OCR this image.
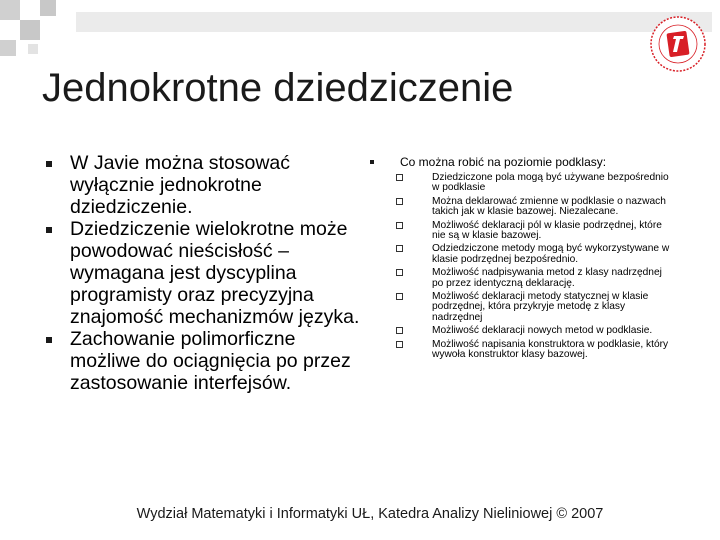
Jednokrotne dziedziczenie
W Javie można stosować wyłącznie jednokrotne dziedziczenie.
Dziedziczenie wielokrotne może powodować nieścisłość – wymagana jest dyscyplina programisty oraz precyzyjna znajomość mechanizmów języka.
Zachowanie polimorficzne możliwe do ociągnięcia po przez zastosowanie interfejsów.
Co można robić na poziomie podklasy:
Dziedziczone pola mogą być używane bezpośrednio w podklasie
Można deklarować zmienne w podklasie o nazwach takich jak w klasie bazowej. Niezalecane.
Możliwość deklaracji pól w klasie podrzędnej, które nie są w klasie bazowej.
Odziedziczone metody mogą być wykorzystywane w klasie podrzędnej bezpośrednio.
Możliwość nadpisywania metod z klasy nadrzędnej po przez identyczną deklarację.
Możliwość deklaracji metody statycznej w klasie podrzędnej, która przykryje metodę z klasy nadrzędnej
Możliwość deklaracji nowych metod w podklasie.
Możliwość napisania konstruktora w podklasie, który wywoła konstruktor klasy bazowej.
Wydział Matematyki i Informatyki UŁ, Katedra Analizy Nieliniowej © 2007
